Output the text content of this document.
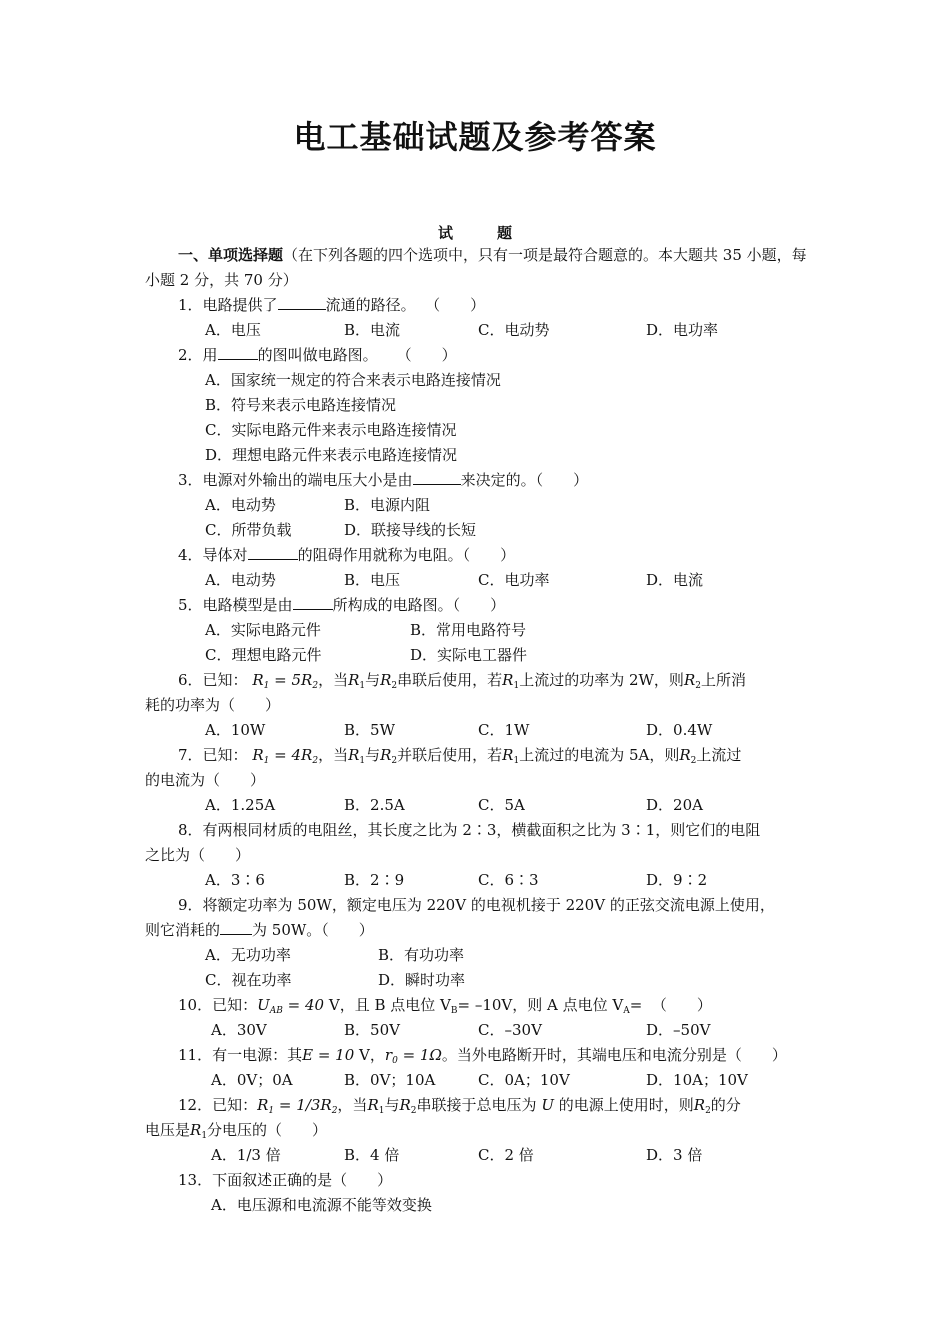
电工基础试题及参考答案
试	题
一、单项选择题（在下列各题的四个选项中，只有一项是最符合题意的。本大题共 35 小题，每小题 2 分，共 70 分）
1．电路提供了	流通的路径。 （　　）
A．电压	B．电流	C．电动势	D．电功率
2．用	的图叫做电路图。 （　　）
A．国家统一规定的符合来表示电路连接情况
B．符号来表示电路连接情况
C．实际电路元件来表示电路连接情况
D．理想电路元件来表示电路连接情况
3．电源对外输出的端电压大小是由	来决定的。（　　）
A．电动势	B．电源内阻
C．所带负载	D．联接导线的长短
4．导体对	的阻碍作用就称为电阻。（　　）
A．电动势	B．电压	C．电功率	D．电流
5．电路模型是由	所构成的电路图。（　　）
A．实际电路元件	B．常用电路符号
C．理想电路元件	D．实际电工器件
6．已知： $R_1 = 5R_2$，当$R_1$与$R_2$串联后使用，若$R_1$上流过的功率为 2W，则$R_2$上所消
耗的功率为（　　）
A．10W	B．5W	C．1W	D．0.4W
7．已知： $R_1 = 4R_2$，当$R_1$与$R_2$并联后使用，若$R_1$上流过的电流为 5A，则$R_2$上流过
的电流为（　　）
A．1.25A	B．2.5A	C．5A	D．20A
8．有两根同材质的电阻丝，其长度之比为 2∶3，横截面积之比为 3∶1，则它们的电阻
之比为（　　）
A．3∶6	B．2∶9	C．6∶3	D．9∶2
9．将额定功率为 50W，额定电压为 220V 的电视机接于 220V 的正弦交流电源上使用，
则它消耗的 为 50W。（　　）
A．无功功率	B．有功功率
C．视在功率	D．瞬时功率
10．已知：$U_{AB} = 40$ V，且 B 点电位 $V_B= -10V$，则 A 点电位 $V_A=$ （　　）
A．30V	B．50V	C．–30V	D．–50V
11．有一电源：其E = 10 V，$r_0 = 1\Omega$。当外电路断开时，其端电压和电流分别是（　　）
A．0V；0A	B．0V；10A	C．0A；10V	D．10A；10V
12．已知：$R_1 = 1/3R_2$，当$R_1$与$R_2$串联接于总电压为 U 的电源上使用时，则$R_2$的分
电压是$R_1$分电压的（　　）
A．1/3 倍	B．4 倍	C．2 倍	D．3 倍
13．下面叙述正确的是（　　）
A．电压源和电流源不能等效变换
